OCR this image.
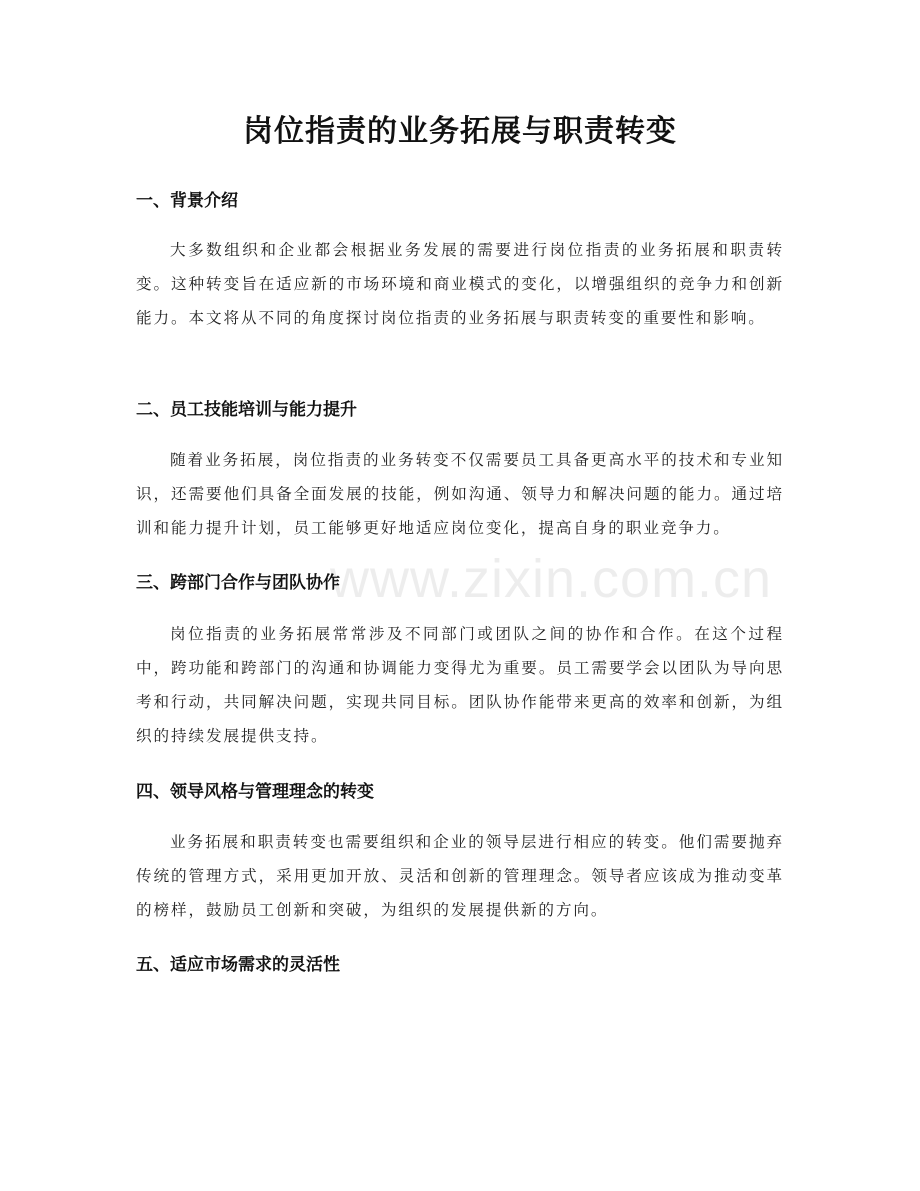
岗位指责的业务拓展与职责转变
一、背景介绍
大多数组织和企业都会根据业务发展的需要进行岗位指责的业务拓展和职责转变。这种转变旨在适应新的市场环境和商业模式的变化，以增强组织的竞争力和创新能力。本文将从不同的角度探讨岗位指责的业务拓展与职责转变的重要性和影响。
二、员工技能培训与能力提升
随着业务拓展，岗位指责的业务转变不仅需要员工具备更高水平的技术和专业知识，还需要他们具备全面发展的技能，例如沟通、领导力和解决问题的能力。通过培训和能力提升计划，员工能够更好地适应岗位变化，提高自身的职业竞争力。
三、跨部门合作与团队协作
岗位指责的业务拓展常常涉及不同部门或团队之间的协作和合作。在这个过程中，跨功能和跨部门的沟通和协调能力变得尤为重要。员工需要学会以团队为导向思考和行动，共同解决问题，实现共同目标。团队协作能带来更高的效率和创新，为组织的持续发展提供支持。
四、领导风格与管理理念的转变
业务拓展和职责转变也需要组织和企业的领导层进行相应的转变。他们需要抛弃传统的管理方式，采用更加开放、灵活和创新的管理理念。领导者应该成为推动变革的榜样，鼓励员工创新和突破，为组织的发展提供新的方向。
五、适应市场需求的灵活性
www.zixin.com.cn
